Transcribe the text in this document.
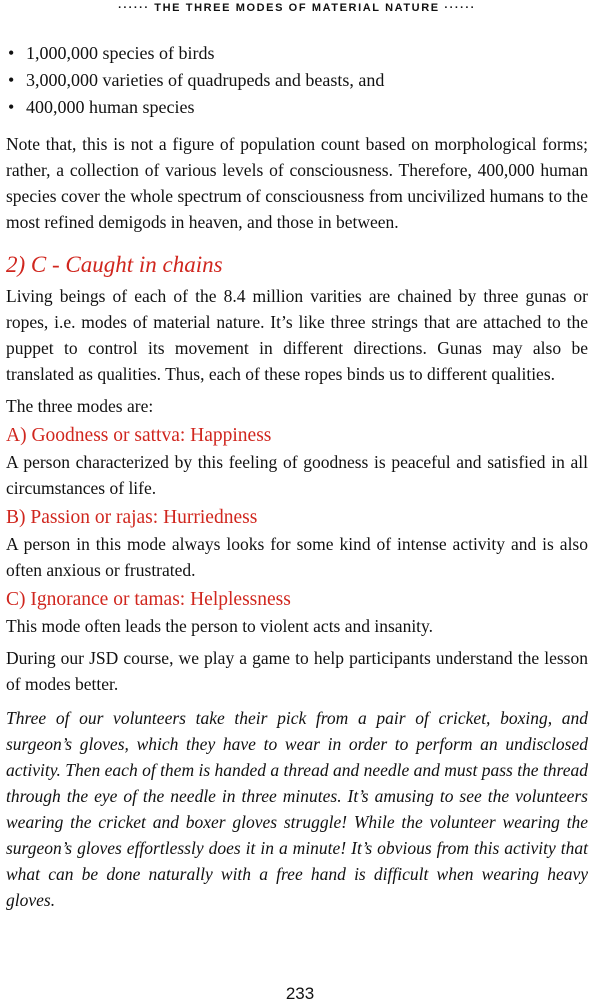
······ THE THREE MODES OF MATERIAL NATURE ······
• 1,000,000 species of birds
• 3,000,000 varieties of quadrupeds and beasts, and
• 400,000 human species

Note that, this is not a figure of population count based on morphological forms; rather, a collection of various levels of consciousness. Therefore, 400,000 human species cover the whole spectrum of consciousness from uncivilized humans to the most refined demigods in heaven, and those in between.

2) C - Caught in chains

Living beings of each of the 8.4 million varities are chained by three gunas or ropes, i.e. modes of material nature. It’s like three strings that are attached to the puppet to control its movement in different directions. Gunas may also be translated as qualities. Thus, each of these ropes binds us to different qualities.

The three modes are:

A) Goodness or sattva: Happiness

A person characterized by this feeling of goodness is peaceful and satisfied in all circumstances of life.

B) Passion or rajas: Hurriedness

A person in this mode always looks for some kind of intense activity and is also often anxious or frustrated.

C) Ignorance or tamas: Helplessness

This mode often leads the person to violent acts and insanity.

During our JSD course, we play a game to help participants understand the lesson of modes better.

Three of our volunteers take their pick from a pair of cricket, boxing, and surgeon’s gloves, which they have to wear in order to perform an undisclosed activity. Then each of them is handed a thread and needle and must pass the thread through the eye of the needle in three minutes. It’s amusing to see the volunteers wearing the cricket and boxer gloves struggle! While the volunteer wearing the surgeon’s gloves effortlessly does it in a minute! It’s obvious from this activity that what can be done naturally with a free hand is difficult when wearing heavy gloves.

233
